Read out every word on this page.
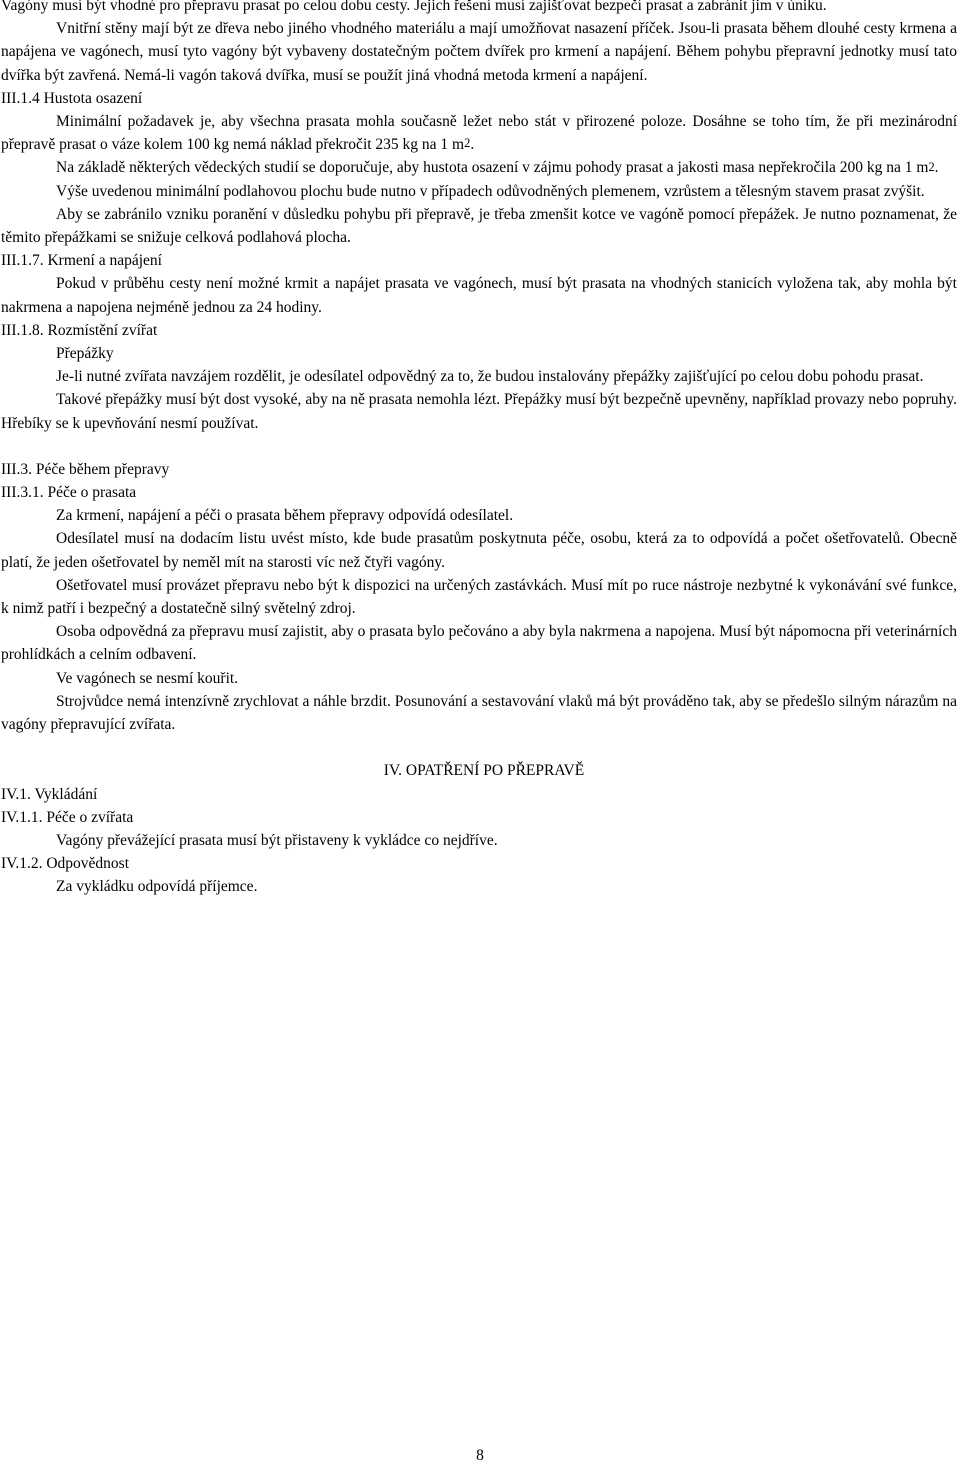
Vagóny musí být vhodné pro přepravu prasat po celou dobu cesty. Jejich řešení musí zajišťovat bezpečí prasat a zabránit jim v úniku.

Vnitřní stěny mají být ze dřeva nebo jiného vhodného materiálu a mají umožňovat nasazení příček. Jsou-li prasata během dlouhé cesty krmena a napájena ve vagónech, musí tyto vagóny být vybaveny dostatečným počtem dvířek pro krmení a napájení. Během pohybu přepravní jednotky musí tato dvířka být zavřená. Nemá-li vagón taková dvířka, musí se použít jiná vhodná metoda krmení a napájení.

III.1.4 Hustota osazení

Minimální požadavek je, aby všechna prasata mohla současně ležet nebo stát v přirozené poloze. Dosáhne se toho tím, že při mezinárodní přepravě prasat o váze kolem 100 kg nemá náklad překročit 235 kg na 1 $m^2$.

Na základě některých vědeckých studií se doporučuje, aby hustota osazení v zájmu pohody prasat a jakosti masa nepřekročila 200 kg na 1 $m^2$.

Výše uvedenou minimální podlahovou plochu bude nutno v případech odůvodněných plemenem, vzrůstem a tělesným stavem prasat zvýšit.

Aby se zabránilo vzniku poranění v důsledku pohybu při přepravě, je třeba zmenšit kotce ve vagóně pomocí přepážek. Je nutno poznamenat, že těmito přepážkami se snižuje celková podlahová plocha.

III.1.7. Krmení a napájení

Pokud v průběhu cesty není možné krmit a napájet prasata ve vagónech, musí být prasata na vhodných stanicích vyložena tak, aby mohla být nakrmena a napojena nejméně jednou za 24 hodiny.

III.1.8. Rozmístění zvířat

Přepážky

Je-li nutné zvířata navzájem rozdělit, je odesílatel odpovědný za to, že budou instalovány přepážky zajišťující po celou dobu pohodu prasat.

Takové přepážky musí být dost vysoké, aby na ně prasata nemohla lézt. Přepážky musí být bezpečně upevněny, například provazy nebo popruhy. Hřebíky se k upevňování nesmí používat.

III.3. Péče během přepravy

III.3.1. Péče o prasata

Za krmení, napájení a péči o prasata během přepravy odpovídá odesílatel.

Odesílatel musí na dodacím listu uvést místo, kde bude prasatům poskytnuta péče, osobu, která za to odpovídá a počet ošetřovatelů. Obecně platí, že jeden ošetřovatel by neměl mít na starosti víc než čtyři vagóny.

Ošetřovatel musí provázet přepravu nebo být k dispozici na určených zastávkách. Musí mít po ruce nástroje nezbytné k vykonávání své funkce, k nimž patří i bezpečný a dostatečně silný světelný zdroj.

Osoba odpovědná za přepravu musí zajistit, aby o prasata bylo pečováno a aby byla nakrmena a napojena. Musí být nápomocna při veterinárních prohlídkách a celním odbavení.

Ve vagónech se nesmí kouřit.

Strojvůdce nemá intenzívně zrychlovat a náhle brzdit. Posunování a sestavování vlaků má být prováděno tak, aby se předešlo silným nárazům na vagóny přepravující zvířata.

IV. OPATŘENÍ PO PŘEPRAVĚ

IV.1. Vykládání

IV.1.1. Péče o zvířata

Vagóny převážející prasata musí být přistaveny k vykládce co nejdříve.

IV.1.2. Odpovědnost

Za vykládku odpovídá příjemce.

8
